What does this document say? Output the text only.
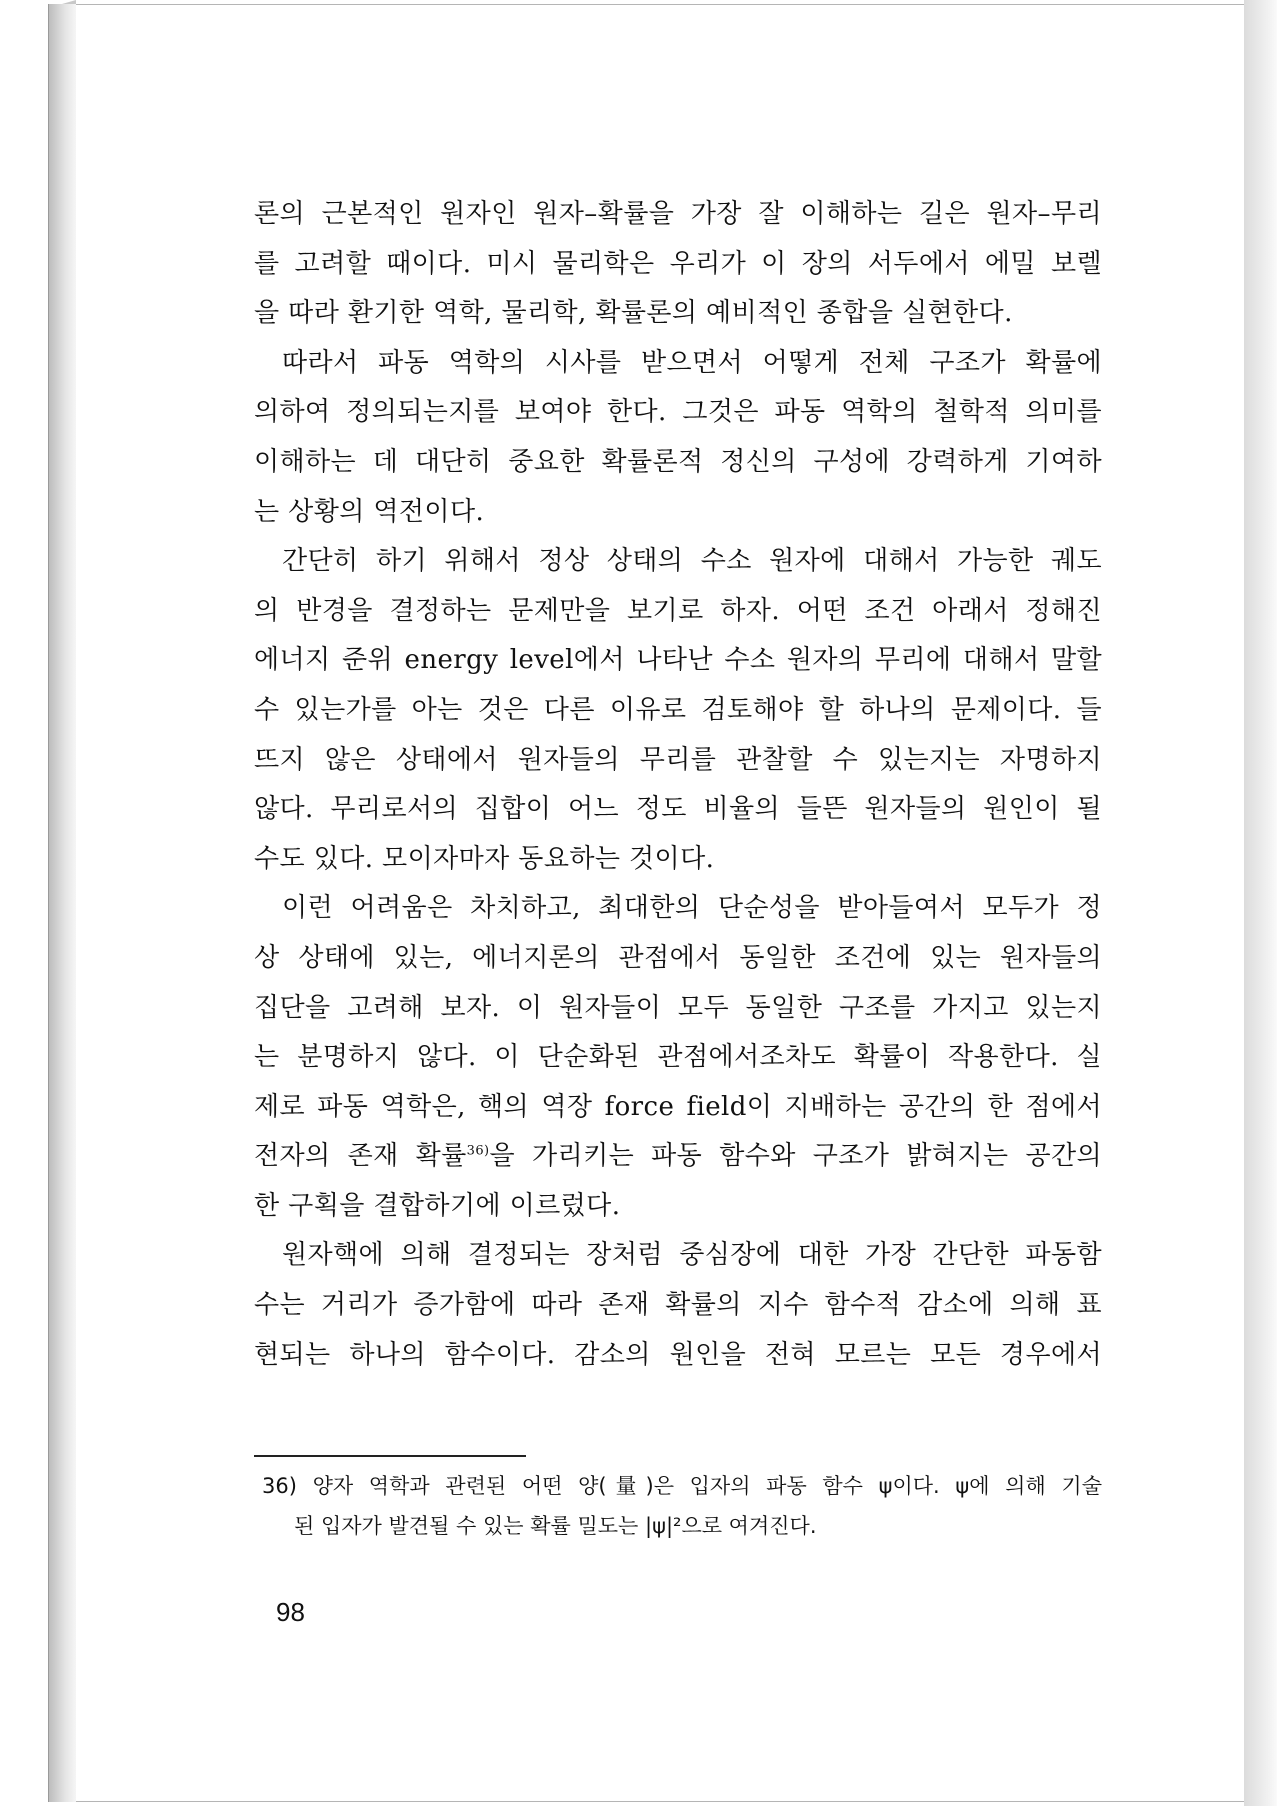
론의 근본적인 원자인 원자–확률을 가장 잘 이해하는 길은 원자–무리
를 고려할 때이다. 미시 물리학은 우리가 이 장의 서두에서 에밀 보렐
을 따라 환기한 역학, 물리학, 확률론의 예비적인 종합을 실현한다.
따라서 파동 역학의 시사를 받으면서 어떻게 전체 구조가 확률에
의하여 정의되는지를 보여야 한다. 그것은 파동 역학의 철학적 의미를
이해하는 데 대단히 중요한 확률론적 정신의 구성에 강력하게 기여하
는 상황의 역전이다.
간단히 하기 위해서 정상 상태의 수소 원자에 대해서 가능한 궤도
의 반경을 결정하는 문제만을 보기로 하자. 어떤 조건 아래서 정해진
에너지 준위 energy level에서 나타난 수소 원자의 무리에 대해서 말할
수 있는가를 아는 것은 다른 이유로 검토해야 할 하나의 문제이다. 들
뜨지 않은 상태에서 원자들의 무리를 관찰할 수 있는지는 자명하지
않다. 무리로서의 집합이 어느 정도 비율의 들뜬 원자들의 원인이 될
수도 있다. 모이자마자 동요하는 것이다.
이런 어려움은 차치하고, 최대한의 단순성을 받아들여서 모두가 정
상 상태에 있는, 에너지론의 관점에서 동일한 조건에 있는 원자들의
집단을 고려해 보자. 이 원자들이 모두 동일한 구조를 가지고 있는지
는 분명하지 않다. 이 단순화된 관점에서조차도 확률이 작용한다. 실
제로 파동 역학은, 핵의 역장 force field이 지배하는 공간의 한 점에서
전자의 존재 확률$^{36)}$을 가리키는 파동 함수와 구조가 밝혀지는 공간의
한 구획을 결합하기에 이르렀다.
원자핵에 의해 결정되는 장처럼 중심장에 대한 가장 간단한 파동함
수는 거리가 증가함에 따라 존재 확률의 지수 함수적 감소에 의해 표
현되는 하나의 함수이다. 감소의 원인을 전혀 모르는 모든 경우에서
36) 양자 역학과 관련된 어떤 양(量)은 입자의 파동 함수 ψ이다. ψ에 의해 기술
된 입자가 발견될 수 있는 확률 밀도는 |ψ|²으로 여겨진다.
98
